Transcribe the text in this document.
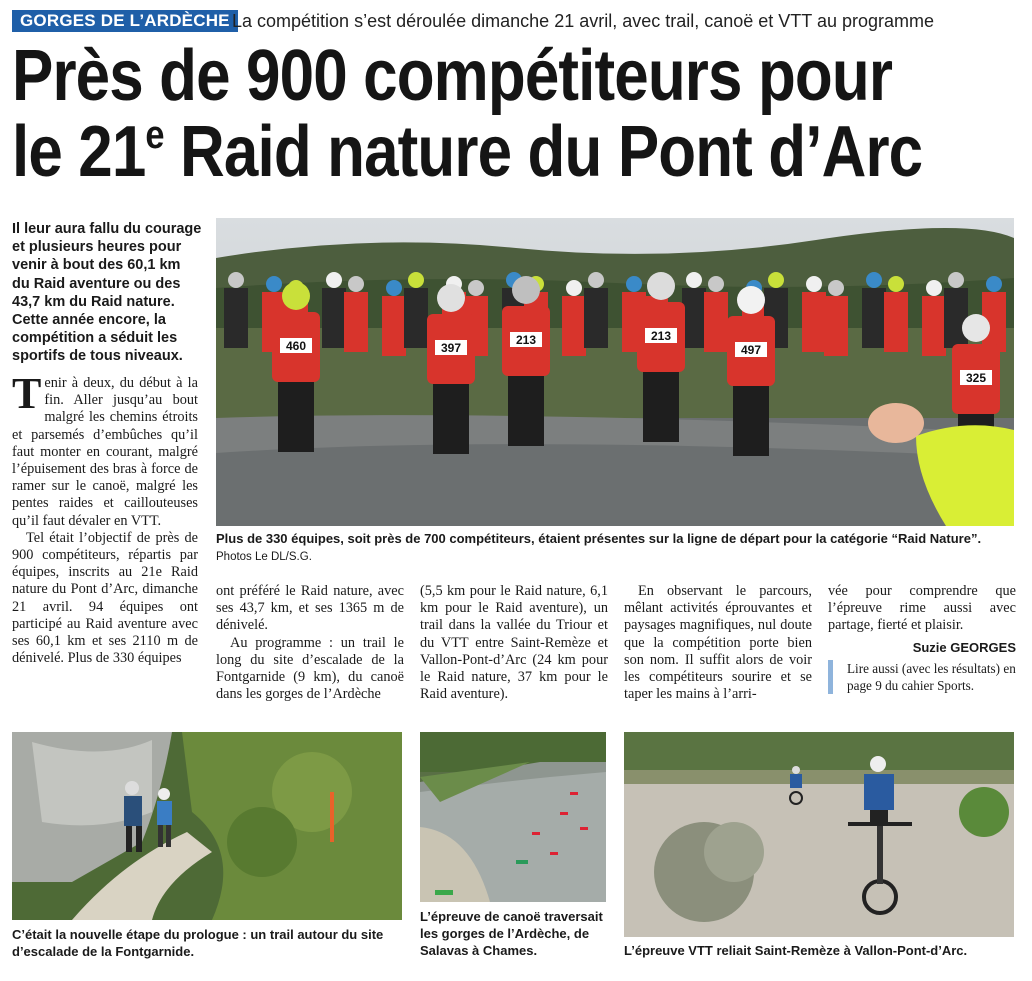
GORGES DE L’ARDÈCHE La compétition s’est déroulée dimanche 21 avril, avec trail, canoë et VTT au programme
Près de 900 compétiteurs pour
le 21e Raid nature du Pont d’Arc
Il leur aura fallu du courage et plusieurs heures pour venir à bout des 60,1 km du Raid aventure ou des 43,7 km du Raid nature. Cette année encore, la compétition a séduit les sportifs de tous niveaux.

Tenir à deux, du début à la fin. Aller jusqu’au bout malgré les chemins étroits et parsemés d’embûches qu’il faut monter en courant, malgré l’épuisement des bras à force de ramer sur le canoë, malgré les pentes raides et caillouteuses qu’il faut dévaler en VTT.

Tel était l’objectif de près de 900 compétiteurs, répartis par équipes, inscrits au 21e Raid nature du Pont d’Arc, dimanche 21 avril. 94 équipes ont participé au Raid aventure avec ses 60,1 km et ses 2110 m de dénivelé. Plus de 330 équipes

460	397
213	213
497
325
Plus de 330 équipes, soit près de 700 compétiteurs, étaient présentes sur la ligne de départ pour la catégorie “Raid Nature”. Photos Le DL/S.G.

ont préféré le Raid nature, avec ses 43,7 km, et ses 1365 m de dénivelé.

Au programme : un trail le long du site d’escalade de la Fontgarnide (9 km), du canoë dans les gorges de l’Ardèche

(5,5 km pour le Raid nature, 6,1 km pour le Raid aventure), un trail dans la vallée du Triour et du VTT entre Saint-Remèze et Vallon-Pont-d’Arc (24 km pour le Raid nature, 37 km pour le Raid aventure).

En observant le parcours, mêlant activités éprouvantes et paysages magnifiques, nul doute que la compétition porte bien son nom. Il suffit alors de voir les compétiteurs sourire et se taper les mains à l’arri-

vée pour comprendre que l’épreuve rime aussi avec partage, fierté et plaisir.

Suzie GEORGES
Lire aussi (avec les résultats) en page 9 du cahier Sports.
C’était la nouvelle étape du prologue : un trail autour du site d’escalade de la Fontgarnide.
L’épreuve de canoë traversait les gorges de l’Ardèche, de Salavas à Chames.	L’épreuve VTT reliait Saint-Remèze à Vallon-Pont-d’Arc.
